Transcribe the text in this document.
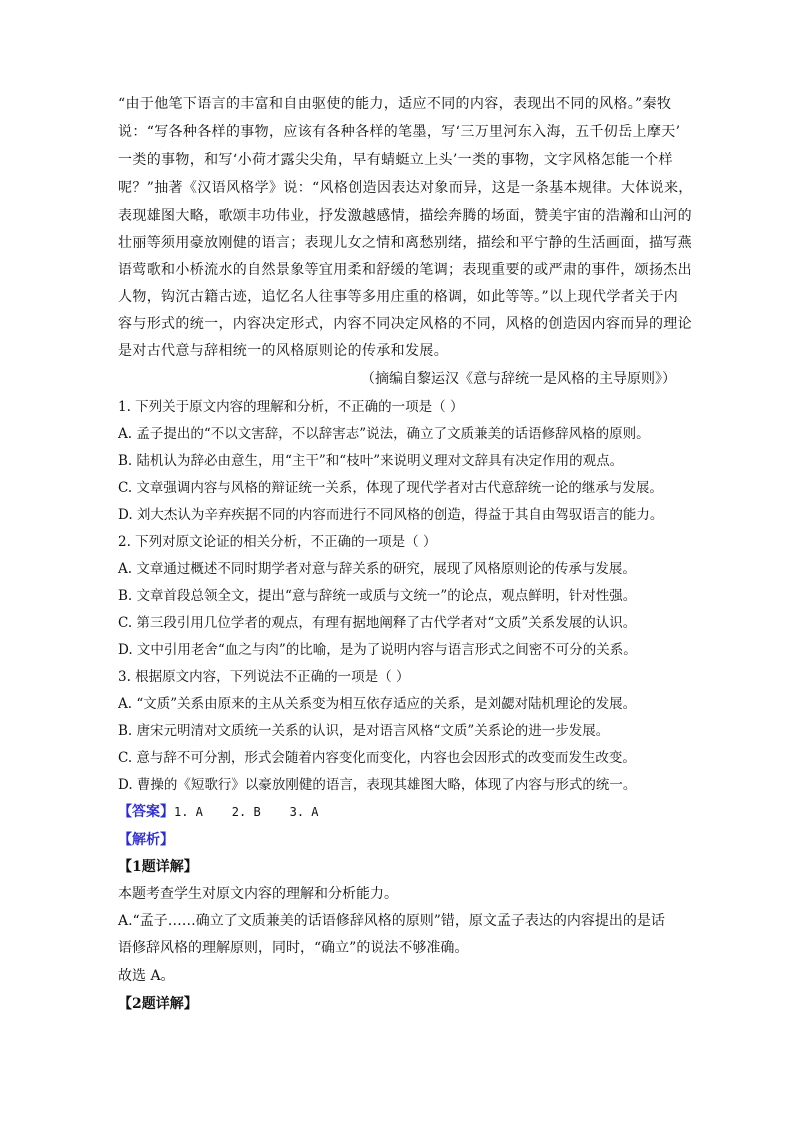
“由于他笔下语言的丰富和自由驱使的能力，适应不同的内容，表现出不同的风格。”秦牧
说：“写各种各样的事物，应该有各种各样的笔墨，写‘三万里河东入海，五千仞岳上摩天’
一类的事物，和写‘小荷才露尖尖角，早有蜻蜓立上头’一类的事物，文字风格怎能一个样
呢？”抽著《汉语风格学》说：“风格创造因表达对象而异，这是一条基本规律。大体说来，
表现雄图大略，歌颂丰功伟业，抒发激越感情，描绘奔腾的场面，赞美宇宙的浩瀚和山河的
壮丽等须用豪放刚健的语言；表现儿女之情和离愁别绪，描绘和平宁静的生活画面，描写燕
语莺歌和小桥流水的自然景象等宜用柔和舒缓的笔调；表现重要的或严肃的事件，颂扬杰出
人物，钩沉古籍古迹，追忆名人往事等多用庄重的格调，如此等等。”以上现代学者关于内
容与形式的统一，内容决定形式，内容不同决定风格的不同，风格的创造因内容而异的理论
是对古代意与辞相统一的风格原则论的传承和发展。
（摘编自黎运汉《意与辞统一是风格的主导原则》）
1. 下列关于原文内容的理解和分析，不正确的一项是（ ）
A. 孟子提出的“不以文害辞，不以辞害志”说法，确立了文质兼美的话语修辞风格的原则。
B. 陆机认为辞必由意生，用“主干”和“枝叶”来说明义理对文辞具有决定作用的观点。
C. 文章强调内容与风格的辩证统一关系，体现了现代学者对古代意辞统一论的继承与发展。
D. 刘大杰认为辛弃疾据不同的内容而进行不同风格的创造，得益于其自由驾驭语言的能力。
2. 下列对原文论证的相关分析，不正确的一项是（ ）
A. 文章通过概述不同时期学者对意与辞关系的研究，展现了风格原则论的传承与发展。
B. 文章首段总领全文，提出“意与辞统一或质与文统一”的论点，观点鲜明，针对性强。
C. 第三段引用几位学者的观点，有理有据地阐释了古代学者对“文质”关系发展的认识。
D. 文中引用老舍“血之与肉”的比喻，是为了说明内容与语言形式之间密不可分的关系。
3. 根据原文内容，下列说法不正确的一项是（ ）
A. “文质”关系由原来的主从关系变为相互依存适应的关系，是刘勰对陆机理论的发展。
B. 唐宋元明清对文质统一关系的认识，是对语言风格“文质”关系论的进一步发展。
C. 意与辞不可分割，形式会随着内容变化而变化，内容也会因形式的改变而发生改变。
D. 曹操的《短歌行》以豪放刚健的语言，表现其雄图大略，体现了内容与形式的统一。
【答案】1. A    2. B    3. A
【解析】
【1题详解】
本题考查学生对原文内容的理解和分析能力。
A.“孟子……确立了文质兼美的话语修辞风格的原则”错，原文孟子表达的内容提出的是话
语修辞风格的理解原则，同时，“确立”的说法不够准确。
故选 A。
【2题详解】
